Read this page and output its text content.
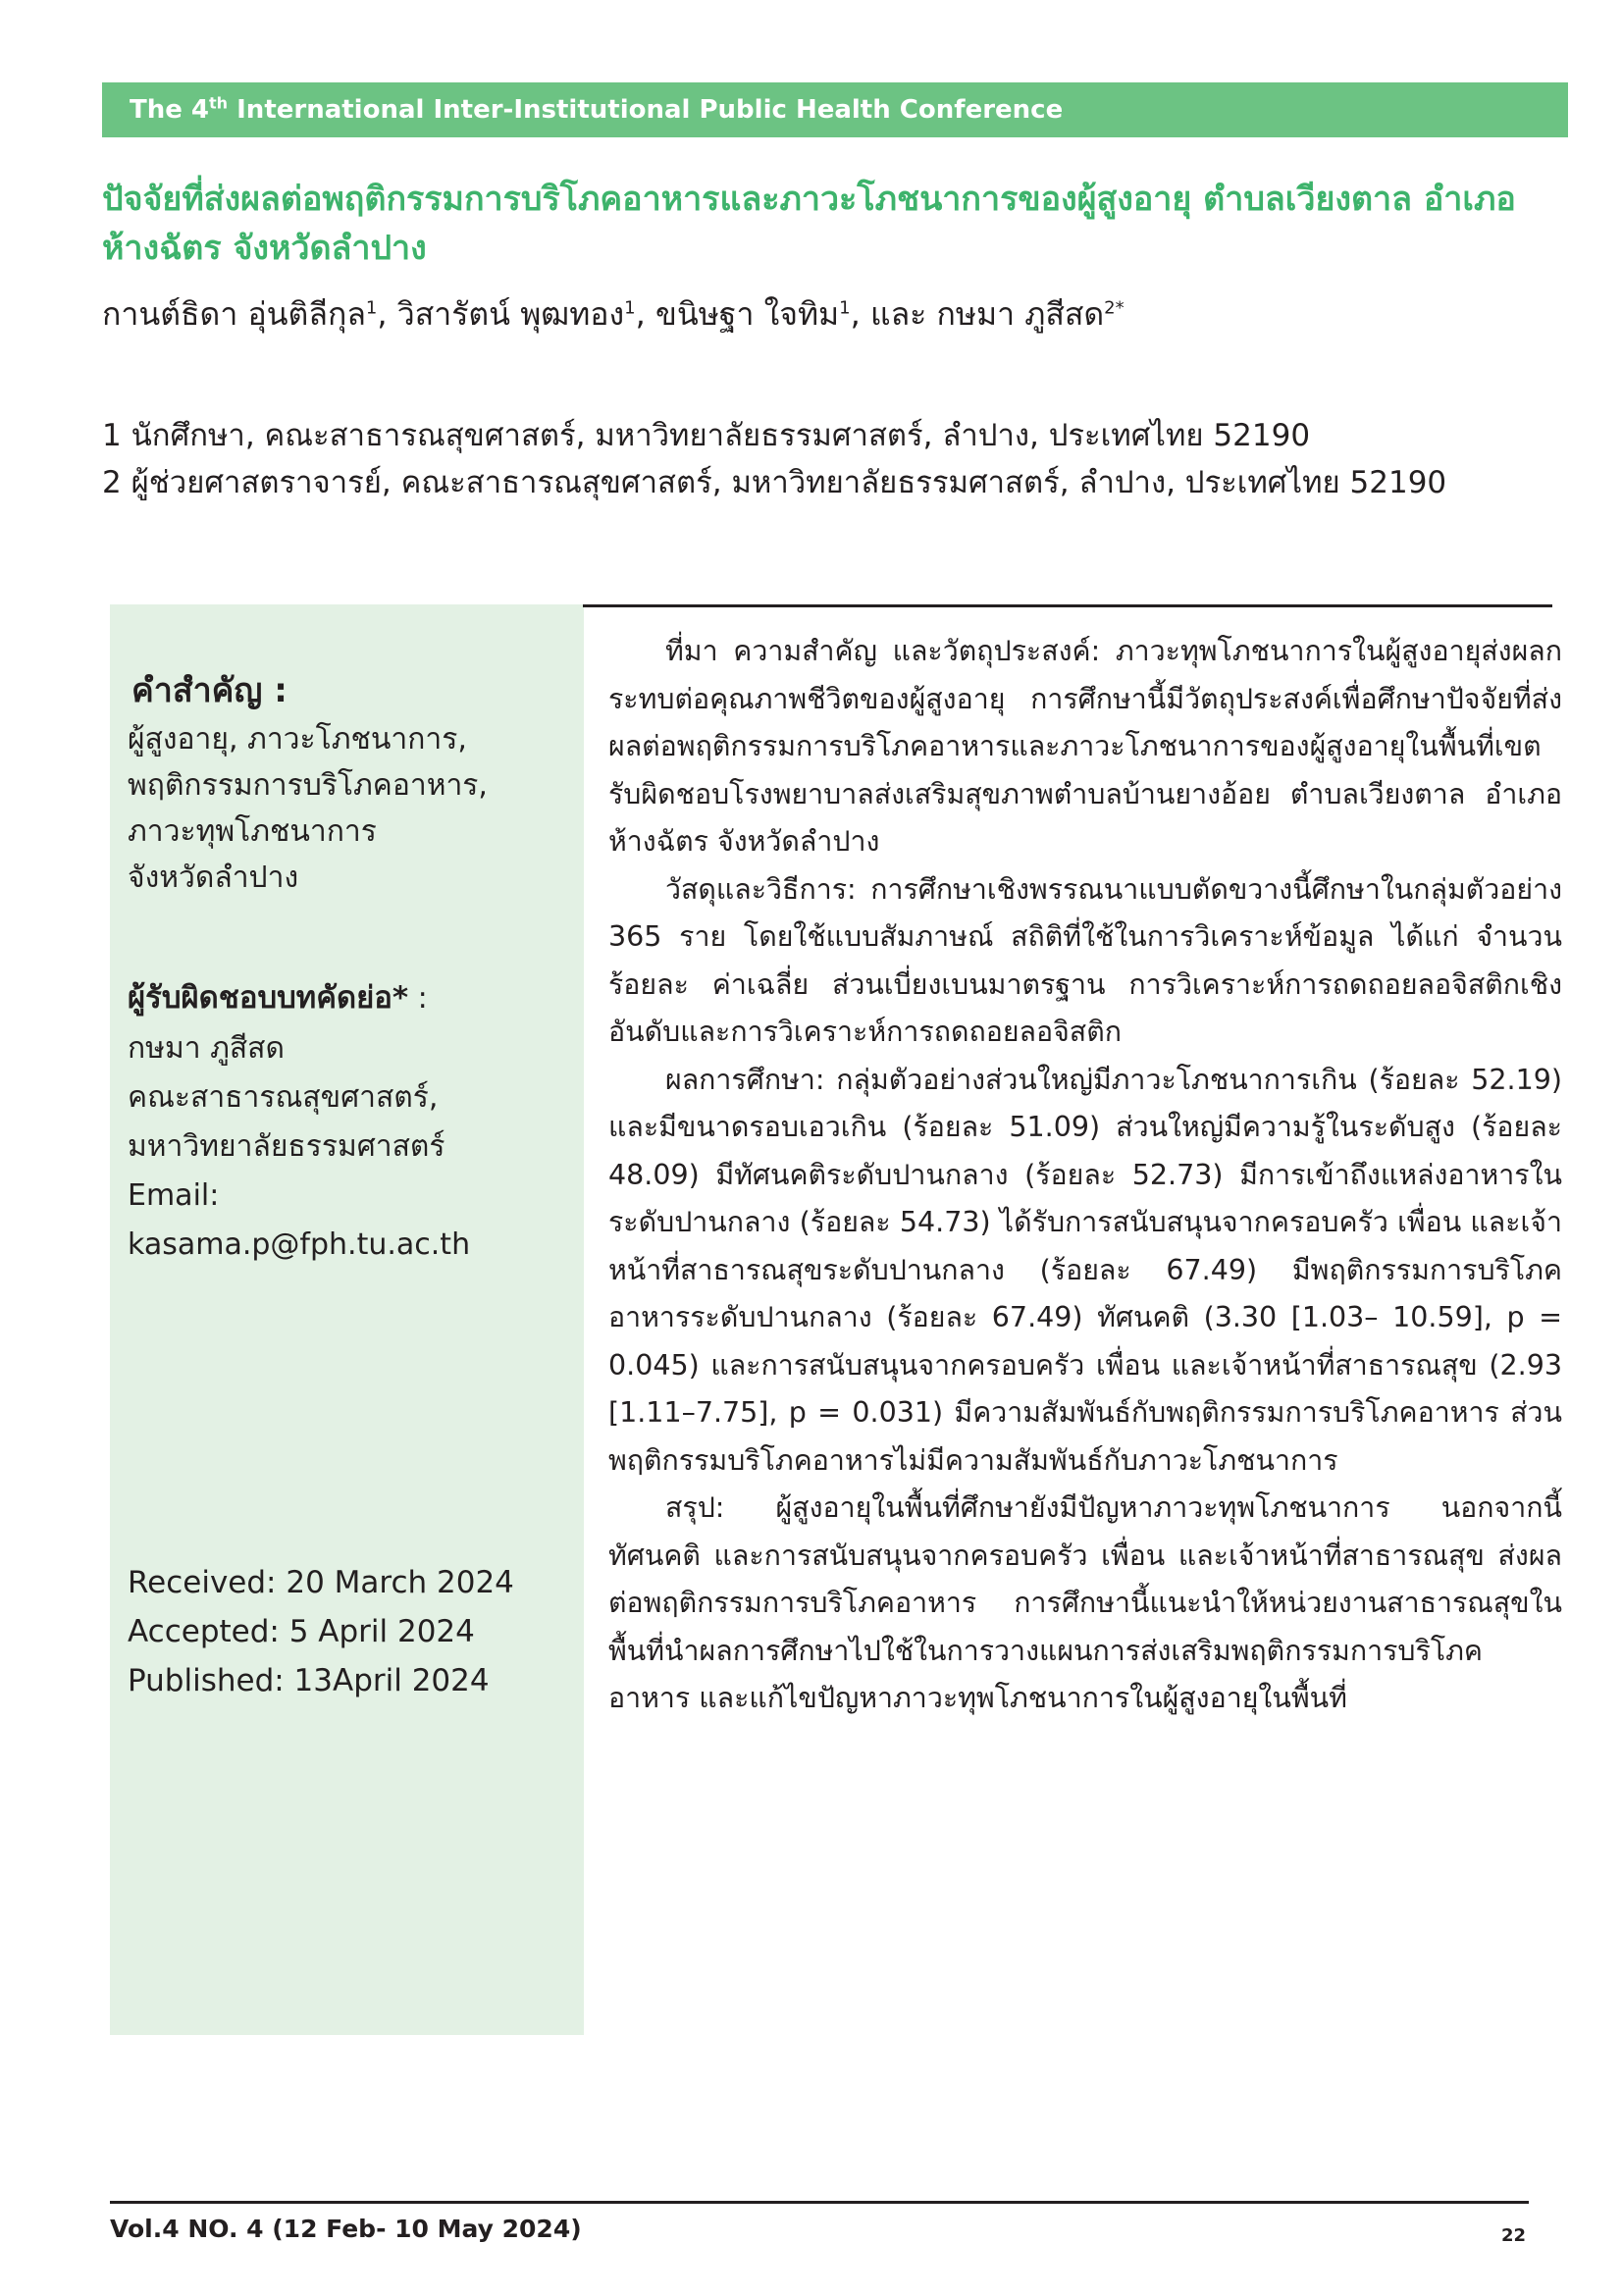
The 4th International Inter-Institutional Public Health Conference
ปัจจัยที่ส่งผลต่อพฤติกรรมการบริโภคอาหารและภาวะโภชนาการของผู้สูงอายุ ตำบลเวียงตาล อำเภอห้างฉัตร จังหวัดลำปาง
กานต์ธิดา อุ่นติลีกุล$^1$, วิสารัตน์ พุฒทอง$^1$, ขนิษฐา ใจทิม$^1$, และ กษมา ภูสีสด$^{2*}$
1 นักศึกษา, คณะสาธารณสุขศาสตร์, มหาวิทยาลัยธรรมศาสตร์, ลำปาง, ประเทศไทย 52190
2 ผู้ช่วยศาสตราจารย์, คณะสาธารณสุขศาสตร์, มหาวิทยาลัยธรรมศาสตร์, ลำปาง, ประเทศไทย 52190
คำสำคัญ :
ผู้สูงอายุ, ภาวะโภชนาการ,
พฤติกรรมการบริโภคอาหาร,
ภาวะทุพโภชนาการ
จังหวัดลำปาง
ผู้รับผิดชอบบทคัดย่อ* :
กษมา ภูสีสด
คณะสาธารณสุขศาสตร์,
มหาวิทยาลัยธรรมศาสตร์
Email:
kasama.p@fph.tu.ac.th
Received: 20 March 2024
Accepted: 5 April 2024
Published: 13April 2024

ที่มา ความสำคัญ และวัตถุประสงค์: ภาวะทุพโภชนาการในผู้สูงอายุส่งผลกระทบต่อคุณภาพชีวิตของผู้สูงอายุ การศึกษานี้มีวัตถุประสงค์เพื่อศึกษาปัจจัยที่ส่งผลต่อพฤติกรรมการบริโภคอาหารและภาวะโภชนาการของผู้สูงอายุในพื้นที่เขตรับผิดชอบโรงพยาบาลส่งเสริมสุขภาพตำบลบ้านยางอ้อย ตำบลเวียงตาล อำเภอห้างฉัตร จังหวัดลำปาง

วัสดุและวิธีการ: การศึกษาเชิงพรรณนาแบบตัดขวางนี้ศึกษาในกลุ่มตัวอย่าง 365 ราย โดยใช้แบบสัมภาษณ์ สถิติที่ใช้ในการวิเคราะห์ข้อมูล ได้แก่ จำนวน ร้อยละ ค่าเฉลี่ย ส่วนเบี่ยงเบนมาตรฐาน การวิเคราะห์การถดถอยลอจิสติกเชิงอันดับและการวิเคราะห์การถดถอยลอจิสติก

ผลการศึกษา: กลุ่มตัวอย่างส่วนใหญ่มีภาวะโภชนาการเกิน (ร้อยละ 52.19) และมีขนาดรอบเอวเกิน (ร้อยละ 51.09) ส่วนใหญ่มีความรู้ในระดับสูง (ร้อยละ 48.09) มีทัศนคติระดับปานกลาง (ร้อยละ 52.73) มีการเข้าถึงแหล่งอาหารในระดับปานกลาง (ร้อยละ 54.73) ได้รับการสนับสนุนจากครอบครัว เพื่อน และเจ้าหน้าที่สาธารณสุขระดับปานกลาง (ร้อยละ 67.49) มีพฤติกรรมการบริโภคอาหารระดับปานกลาง (ร้อยละ 67.49) ทัศนคติ (3.30 [1.03– 10.59], p = 0.045) และการสนับสนุนจากครอบครัว เพื่อน และเจ้าหน้าที่สาธารณสุข (2.93 [1.11–7.75], p = 0.031) มีความสัมพันธ์กับพฤติกรรมการบริโภคอาหาร ส่วนพฤติกรรมบริโภคอาหารไม่มีความสัมพันธ์กับภาวะโภชนาการ

สรุป: ผู้สูงอายุในพื้นที่ศึกษายังมีปัญหาภาวะทุพโภชนาการ นอกจากนี้ทัศนคติ และการสนับสนุนจากครอบครัว เพื่อน และเจ้าหน้าที่สาธารณสุข ส่งผลต่อพฤติกรรมการบริโภคอาหาร การศึกษานี้แนะนำให้หน่วยงานสาธารณสุขในพื้นที่นำผลการศึกษาไปใช้ในการวางแผนการส่งเสริมพฤติกรรมการบริโภคอาหาร และแก้ไขปัญหาภาวะทุพโภชนาการในผู้สูงอายุในพื้นที่

Vol.4 NO. 4 (12 Feb- 10 May 2024)	22
